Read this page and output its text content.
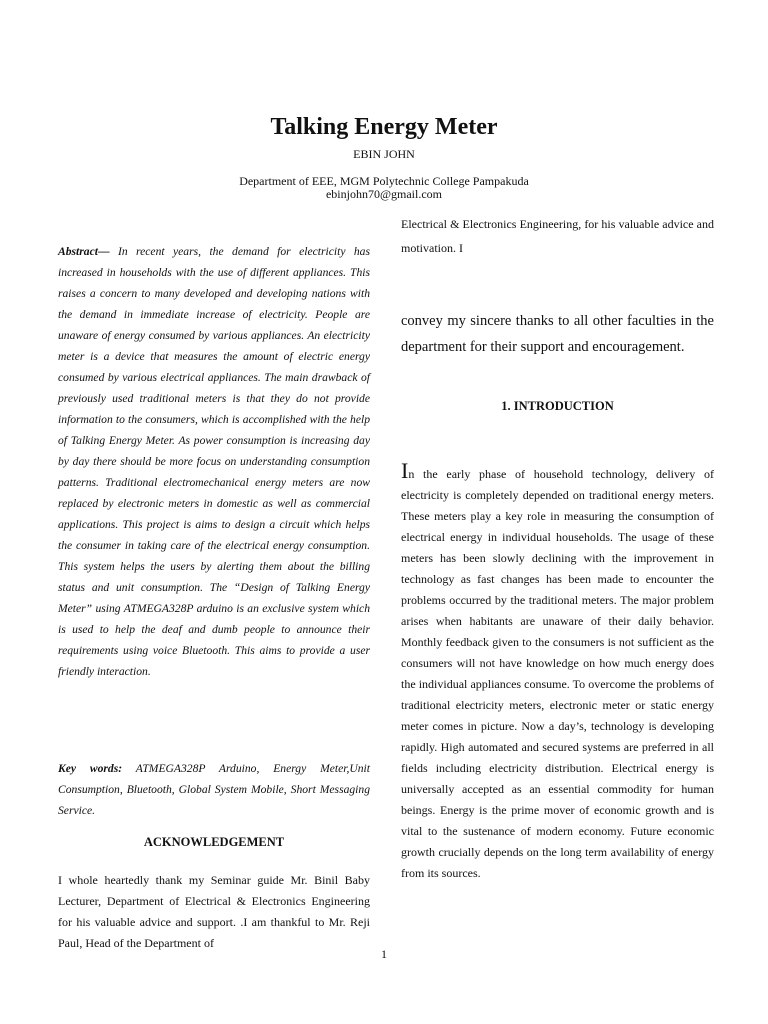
Talking Energy Meter
EBIN JOHN
Department of EEE, MGM Polytechnic College Pampakuda
ebinjohn70@gmail.com
Abstract— In recent years, the demand for electricity has increased in households with the use of different appliances. This raises a concern to many developed and developing nations with the demand in immediate increase of electricity. People are unaware of energy consumed by various appliances. An electricity meter is a device that measures the amount of electric energy consumed by various electrical appliances. The main drawback of previously used traditional meters is that they do not provide information to the consumers, which is accomplished with the help of Talking Energy Meter. As power consumption is increasing day by day there should be more focus on understanding consumption patterns. Traditional electromechanical energy meters are now replaced by electronic meters in domestic as well as commercial applications. This project is aims to design a circuit which helps the consumer in taking care of the electrical energy consumption. This system helps the users by alerting them about the billing status and unit consumption. The “Design of Talking Energy Meter” using ATMEGA328P arduino is an exclusive system which is used to help the deaf and dumb people to announce their requirements using voice Bluetooth. This aims to provide a user friendly interaction.
Key words: ATMEGA328P Arduino, Energy Meter,Unit Consumption, Bluetooth, Global System Mobile, Short Messaging Service.
ACKNOWLEDGEMENT
I whole heartedly thank my Seminar guide Mr. Binil Baby Lecturer, Department of Electrical & Electronics Engineering for his valuable advice and support. .I am thankful to Mr. Reji Paul, Head of the Department of
Electrical & Electronics Engineering, for his valuable advice and motivation. I
convey my sincere thanks to all other faculties in the department for their support and encouragement.
1. INTRODUCTION
In the early phase of household technology, delivery of electricity is completely depended on traditional energy meters. These meters play a key role in measuring the consumption of electrical energy in individual households. The usage of these meters has been slowly declining with the improvement in technology as fast changes has been made to encounter the problems occurred by the traditional meters. The major problem arises when habitants are unaware of their daily behavior. Monthly feedback given to the consumers is not sufficient as the consumers will not have knowledge on how much energy does the individual appliances consume. To overcome the problems of traditional electricity meters, electronic meter or static energy meter comes in picture. Now a day’s, technology is developing rapidly. High automated and secured systems are preferred in all fields including electricity distribution. Electrical energy is universally accepted as an essential commodity for human beings. Energy is the prime mover of economic growth and is vital to the sustenance of modern economy. Future economic growth crucially depends on the long term availability of energy from its sources.
1
